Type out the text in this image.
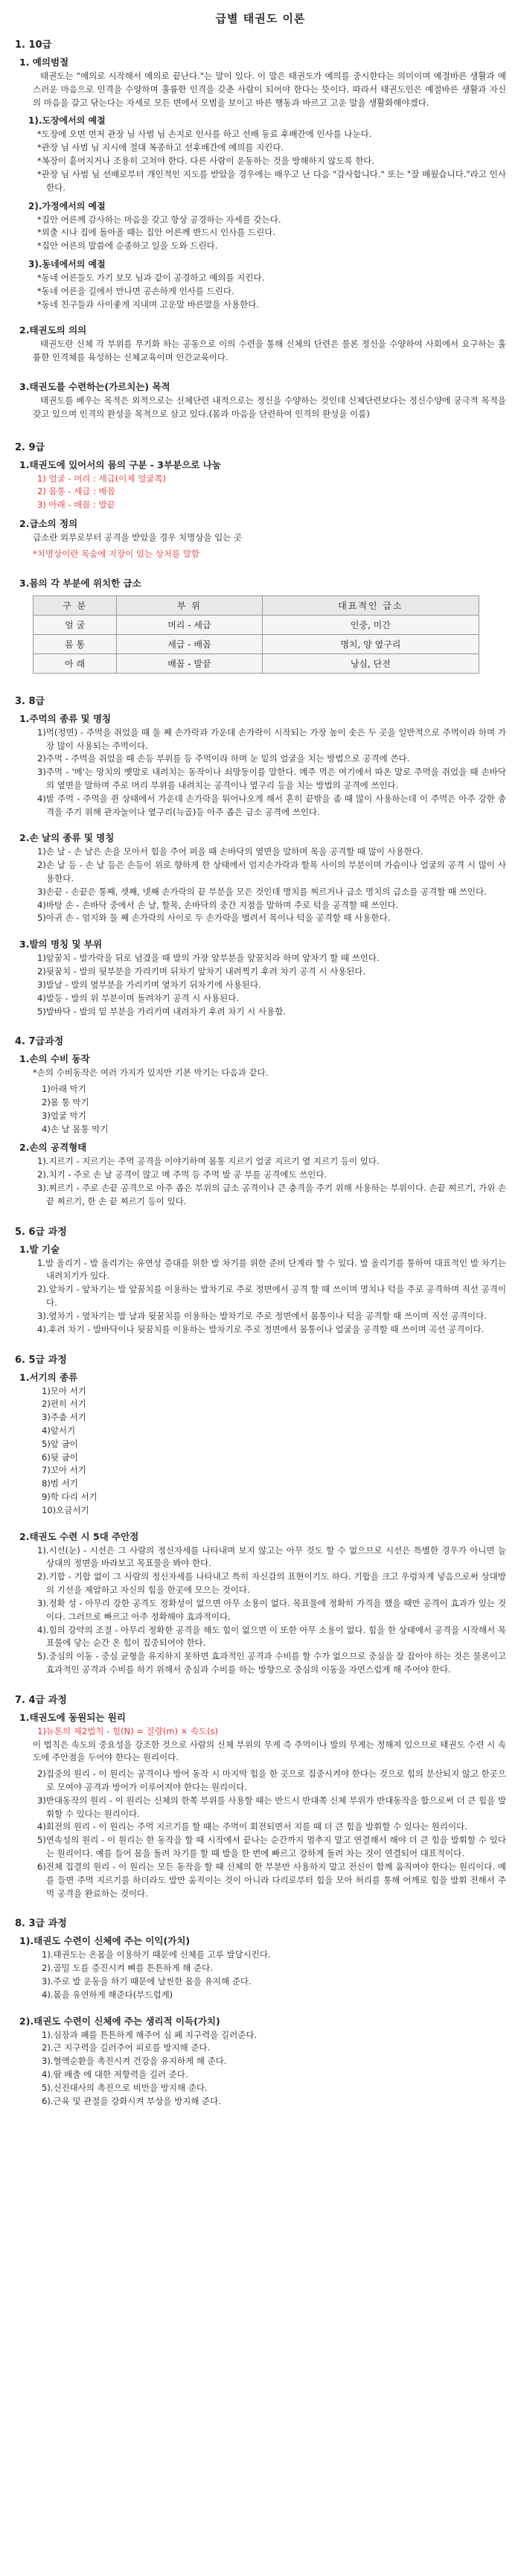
급별 태권도 이론
1. 10급
1. 예의범절
태권도는 "예의로 시작해서 예의로 끝난다."는 말이 있다. 이 말은 태권도가 예의를 중시한다는 의미이며 예절바른 생활과 예스러운 마음으로 인격을 수양하며 훌륭한 인격을 갖춘 사람이 되어야 한다는 뜻이다. 따라서 태권도인은 예절바른 생활과 자신의 마음을 갈고 닦는다는 자세로 모든 면에서 모범을 보이고 바른 행동과 바르고 고운 말을 생활화해야겠다.
1).도장에서의 예절
*도장에 오면 먼저 관장 님 사범 님 손지로 인사를 하고 선배 동료 후배간에 인사를 나눈다.
*관장 님 사범 님 지시에 절대 복종하고 선후배간에 예의를 지킨다.
*복장이 흩어지거나 조용히 고쳐야 한다. 다른 사람이 운동하는 것을 방해하지 않도록 한다.
*관장 님 사범 님 선배로부터 개인적인 지도를 받았을 경우에는 배우고 난 다음 "감사합니다." 또는 "잘 배웠습니다."라고 인사한다.
2).가정에서의 예절
*집안 어른께 감사하는 마음을 갖고 항상 공경하는 자세를 갖는다.
*외출 시나 집에 돌아올 때는 집안 어른께 반드시 인사를 드린다.
*집안 어른의 말씀에 순종하고 일을 도와 드린다.
3).동네에서의 예절
*동네 어른들도 가기 보모 님과 같이 공경하고 예의를 지킨다.
*동네 어른을 길에서 만나면 공손하게 인사를 드린다.
*동네 친구들과 사이좋게 지내며 고운말 바른말을 사용한다.
2.태권도의 의의
태권도란 신체 각 부위를 무기화 하는 공동으로 이의 수련을 통해 신체의 단련은 물론 정신을 수양하여 사회에서 요구하는 훌륭한 인격체를 육성하는 신체교육이며 인간교육이다.
3.태권도를 수련하는(가르치는) 목적
태권도를 배우는 목적은 외적으로는 신체단련 내적으로는 정신을 수양하는 것인데 신체단련보다는 정신수양에 궁극적 목적을 갖고 있으며 인격의 완성을 목적으로 삼고 있다.(몸과 마음을 단련하여 인격의 완성을 이룸)
2. 9급
1.태권도에 있어서의 몸의 구분 - 3부분으로 나눔
1) 얼굴 - 머리 : 세급(이제 얼굴쪽)
2) 몸통 - 세급 : 배꼽
3) 아래 - 배꼽 : 발끝
2.급소의 정의
급소란 외부로부터 공격을 받았을 경우 치명상을 입는 곳
*치명상이란 목숨에 지장이 있는 상처를 말함
3.몸의 각 부분에 위치한 급소
구 분	부 위	대표적인 급소
얼 굴	머리 - 세급	인중, 미간
몸 통	세급 - 배꼽	명치, 양 옆구리
아 래	배꼽 - 발끝	낭심, 단전
3. 8급
1.주먹의 종류 및 명칭
1)먹(정면) - 주먹을 쥐었을 때 둘 째 손가락과 가운데 손가락이 시작되는 가장 높이 솟은 두 곳을 일반적으로 주먹이라 하며 가장 많이 사용되는 주먹이다.
2)주먹 - 주먹을 쥐었을 때 손등 부위를 등 주먹이라 하며 눈 밑의 얼굴을 치는 방법으로 공격에 쓴다.
3)주먹 - '메'는 망치의 옛말로 내려치는 동작이나 쇠망둥이를 말한다. 메주 먹은 여기에서 따온 말로 주먹을 쥐었을 때 손바닥의 옆면을 말하며 주로 머리 부위를 내려치는 공격이나 옆구리 등을 치는 방법의 공격에 쓰인다.
4)밤 주먹 - 주먹을 쥔 상태에서 가운데 손가락을 튀어나오게 해서 혼히 끝밖을 좀 때 많이 사용하는데 이 주먹은 아주 강한 충격을 주기 위해 관자놀이나 옆구리(늑골)등 아주 좁은 급소 공격에 쓰인다.
2.손 날의 종류 및 명칭
1)손 날 - 손 날은 손을 모아서 힘을 주어 펴을 때 손바닥의 옆면을 말하며 목을 공격할 때 많이 사용한다.
2)손 날 등 - 손 날 등은 손등이 위로 향하게 한 상태에서 엄지손가락과 할목 사이의 부분이며 가슴이나 얼굴의 공격 시 많이 사용한다.
3)손끝 - 손끝은 통째, 셋째, 넷째 손가락의 끝 부분을 모은 것인데 명치를 찌르거나 급소 명치의 급소를 공격할 때 쓰인다.
4)바탕 손 - 손바닥 중에서 손 날, 할목, 손바닥의 중간 지점을 말하며 주로 턱을 공격할 때 쓰인다.
5)아귀 손 - 엄지와 둘 째 손가락의 사이로 두 손가락을 벌려서 목이나 턱을 공격할 때 사용한다.
3.발의 명칭 및 부위
1)앞꿈치 - 발가락을 뒤로 넘겼을 때 발의 가장 앞부분을 앞꿈치라 하며 앞차기 할 때 쓰인다.
2)뒷꿈치 - 발의 뒷부분을 가리키며 뒤차기 앞차기 내려찍기 후려 차기 공격 시 사용된다.
3)발날 - 발의 옆부분을 가리키며 옆차기 뒤차기에 사용된다.
4)발등 - 발의 위 부분이며 돌려차기 공격 시 사용된다.
5)발바닥 - 발의 밑 부분을 가리키며 내려차기 후려 차기 시 사용함.
4. 7급과정
1.손의 수비 동작
*손의 수비동작은 여러 가지가 있지만 기본 막기는 다음과 같다.
1)아래 막기
2)몸 통 막기
3)얼굴 막기
4)손 날 몸통 막기
2.손의 공격형태
1).지르기 - 지르기는 주먹 공격을 이야기하며 몸통 지르기 얼굴 지르기 옆 지르기 등이 있다.
2).치기 - 주로 손 날 공격이 많고 메 주먹 등 주먹 발 공 부를 공격에도 쓰인다.
3).찌르기 - 주로 손끝 공격으로 아주 좁은 부위의 급소 공격이나 큰 충격을 주기 위해 사용하는 부위이다. 손끝 찌르기, 가위 손끝 찌르기, 한 손 끝 찌르기 등이 있다.
5. 6급 과정
1.발 기술
1.발 올리기 - 발 올리기는 유연성 증대를 위한 발 차기를 위한 준비 단계라 할 수 있다. 발 올리기를 통하여 대표적인 발 차기는 내려치기가 있다.
2).앞차기 - 앞차기는 발 앞꿈치를 이용하는 발차기로 주로 정면에서 공격 할 때 쓰이며 명치나 턱을 주로 공격하며 직선 공격이다.
3).옆차기 - 옆차기는 발 날과 뒷꿈치를 이용하는 발차기로 주로 정면에서 몸통이나 턱을 공격할 때 쓰이며 직선 공격이다.
4).후려 차기 - 발바닥이나 뒷꿈치를 이용하는 발차기로 주로 정면에서 몸통이나 얼굴을 공격할 때 쓰이며 곡선 공격이다.
6. 5급 과정
1.서기의 종류
1)모아 서기
2)편히 서기
3)주춤 서기
4)앞서기
5)앞 굽이
6)뒷 굽이
7)꼬아 서기
8)범 서기
9)학 다리 서기
10)오금서기
2.태권도 수련 시 5대 주안점
1).시선(눈) - 시선은 그 사람의 정신자세를 나타내며 보지 않고는 아무 것도 할 수 없으므로 시선은 특별한 경우가 아니면 늘 상대의 정면을 바라보고 목표물을 봐야 한다.
2).기합 - 기합 없이 그 사람의 정신자세를 나타내고 특히 자신감의 표현이기도 하다. 기합을 크고 우렁차게 넣음으로써 상대방의 기선을 제압하고 자신의 힘을 한곳에 모으는 것이다.
3).정확 성 - 아무리 강한 공격도 정확성이 없으면 아무 소용이 없다. 목표물에 정확히 가격을 했을 때만 공격이 효과가 있는 것이다. 그러므로 빠르고 아주 정확해야 효과적이다.
4).힘의 강약의 조절 - 아무리 정확한 공격을 해도 힘이 없으면 이 또한 아무 소용이 없다. 힘을 한 상태에서 공격을 시작해서 목표물에 닿는 순간 온 힘이 집중되어야 한다.
5).중심의 이동 - 중심 균형을 유지하지 못하면 효과적인 공격과 수비를 할 수가 없으므로 중심을 잘 잡아야 하는 것은 물론이고 효과적인 공격과 수비를 하기 위해서 중심과 수비를 하는 방향으로 중심의 이동을 자연스럽게 해 주어야 한다.
7. 4급 과정
1.태권도에 동원되는 원리
1)뉴톤의 제2법칙 - 힘(N) = 질량(m) × 속도(s)
이 법칙은 속도의 중요성을 강조한 것으로 사람의 신체 부위의 무게 즉 주먹이나 발의 무게는 정해져 있으므로 태권도 수련 시 속도에 주안점을 두어야 한다는 원리이다.
2)집중의 원리 - 이 원리는 공격이나 방어 동작 시 마지막 힘을 한 곳으로 집중시켜야 한다는 것으로 힘의 분산되지 않고 한곳으로 모여야 공격과 방어가 이루어져야 한다는 원리이다.
3)반대동작의 원리 - 이 원리는 신체의 한쪽 부위를 사용할 때는 반드시 반대쪽 신체 부위가 반대동작을 함으로써 더 큰 힘을 발휘할 수 있다는 원리이다.
4)회전의 원리 - 이 원리는 주먹 지르기를 할 때는 주먹이 회전되면서 지를 때 더 큰 힘을 발휘할 수 있다는 원리이다.
5)연속성의 원리 - 이 원리는 한 동작을 할 때 시작에서 끝나는 순간까지 멈추지 말고 연결해서 해야 더 큰 힘을 발휘할 수 있다는 원리이다. 예를 들어 몸을 돌려 차기를 할 때 발을 한 번에 빠르고 강하게 돌려 차는 것이 연결되어 대표적이다.
6)전체 집결의 원리 - 이 원리는 모든 동작을 할 때 신체의 한 부분만 사용하지 말고 전신이 함께 움직여야 한다는 원리이다. 예를 들면 주먹 지르기를 하더라도 발만 움직이는 것이 아니라 다리로부터 힘을 모아 허리를 통해 어깨로 힘을 발휘 전해서 주먹 공격을 완료하는 것이다.
8. 3급 과정
1).태권도 수련이 신체에 주는 이익(가치)
1).태권도는 온몸을 이용하기 때문에 신체를 고루 발달시킨다.
2).골밀 도를 증진시켜 뼈를 튼튼하게 해 준다.
3).주로 발 운동을 하기 때문에 날씬한 몸을 유지해 준다.
4).몸을 유연하게 해준다(부드럽게)
2).태권도 수련이 신체에 주는 생리적 이득(가치)
1).심장과 폐를 튼튼하게 해주어 심 폐 지구력을 길러준다.
2).근 지구력을 길러주어 피로를 방지해 준다.
3).혈액순환을 촉진시켜 건강을 유지하게 해 준다.
4).땀 배출 에 대한 저항력을 길러 준다.
5).신진대사의 촉진으로 비만을 방지해 준다.
6).근육 및 관절을 강화시켜 부상을 방지해 준다.
